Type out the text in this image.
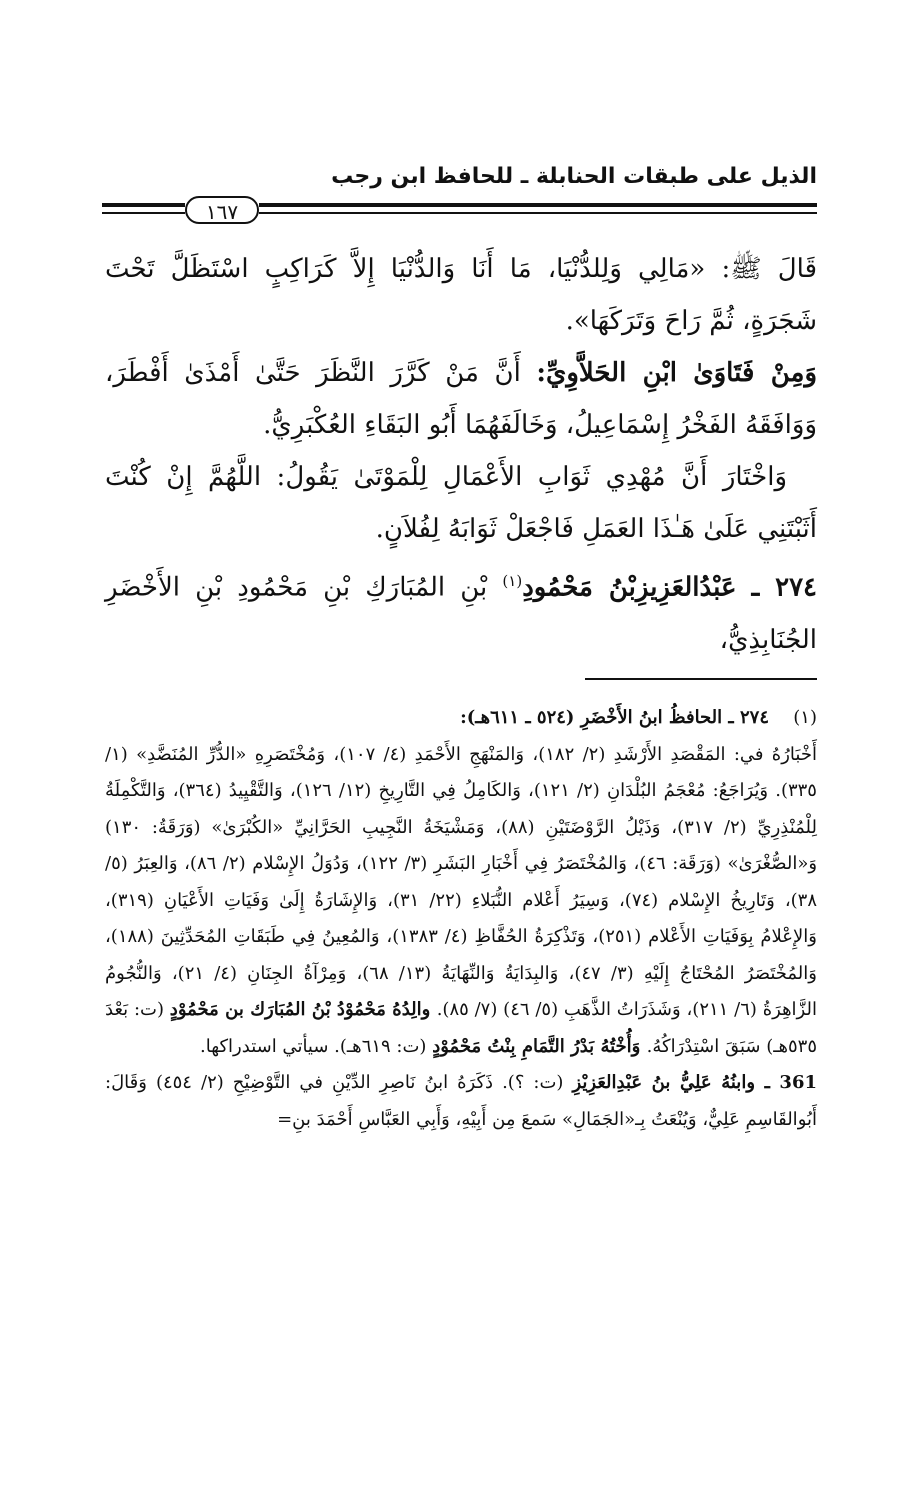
الذيل على طبقات الحنابلة ـ للحافظ ابن رجب
١٦٧

قَالَ ﷺ: «مَالِي وَلِلدُّنْيَا، مَا أَنَا وَالدُّنْيَا إِلاَّ كَرَاكِبٍ اسْتَظَلَّ تَحْتَ شَجَرَةٍ، ثُمَّ رَاحَ وَتَرَكَهَا».

وَمِنْ فَتَاوَىٰ ابْنِ الحَلاَّوِيِّ: أَنَّ مَنْ كَرَّرَ النَّظَرَ حَتَّىٰ أَمْذَىٰ أَفْطَرَ، وَوَافَقَهُ الفَخْرُ إِسْمَاعِيلُ، وَخَالَفَهُمَا أَبُو البَقَاءِ العُكْبَرِيُّ.

وَاخْتَارَ أَنَّ مُهْدِي ثَوَابِ الأَعْمَالِ لِلْمَوْتَىٰ يَقُولُ: اللَّهُمَّ إِنْ كُنْتَ أَثَبْتَنِي عَلَىٰ هَـٰذَا العَمَلِ فَاجْعَلْ ثَوَابَهُ لِفُلاَنٍ.

٢٧٤ ـ عَبْدُالعَزِيزِبْنُ مَحْمُودِ$^{(١)}$ بْنِ المُبَارَكِ بْنِ مَحْمُودِ بْنِ الأَخْضَرِ الجُنَابِذِيُّ،

(١)٢٧٤ ـ الحافظُ ابنُ الأَخْضَرِ (٥٢٤ ـ ٦١١هـ):

أَخْبَارُهُ في: المَقْصَدِ الأَرْشَدِ (٢/ ١٨٢)، وَالمَنْهَجِ الأَحْمَدِ (٤/ ١٠٧)، وَمُخْتَصَرِهِ «الدُّرِّ المُنَضَّدِ» (١/ ٣٣٥). وَيُرَاجَعُ: مُعْجَمُ البُلْدَانِ (٢/ ١٢١)، وَالكَامِلُ فِي التَّارِيخِ (١٢/ ١٢٦)، وَالتَّقْيِيدُ (٣٦٤)، وَالتَّكْمِلَةُ لِلْمُنْذِرِيِّ (٢/ ٣١٧)، وَذَيْلُ الرَّوْضَتَيْنِ (٨٨)، وَمَشْيَخَةُ النَّجِيبِ الحَرَّانِيِّ «الكُبْرَىٰ» (وَرَقَةُ: ١٣٠) وَ«الصُّغْرَىٰ» (وَرَقَة: ٤٦)، وَالمُخْتَصَرُ فِي أَخْبَارِ البَشَرِ (٣/ ١٢٢)، وَدُوَلُ الإِسْلام (٢/ ٨٦)، وَالعِبَرُ (٥/ ٣٨)، وَتَارِيخُ الإِسْلام (٧٤)، وَسِيَرُ أَعْلام النُّبَلاءِ (٢٢/ ٣١)، وَالإِشَارَةُ إِلَىٰ وَفَيَاتِ الأَعْيَانِ (٣١٩)، وَالإِعْلامُ بِوَفَيَاتِ الأَعْلام (٢٥١)، وَتَذْكِرَةُ الحُفَّاظِ (٤/ ١٣٨٣)، وَالمُعِينُ فِي طَبَقَاتِ المُحَدِّثِينَ (١٨٨)، وَالمُخْتَصَرُ المُحْتَاجُ إِلَيْهِ (٣/ ٤٧)، وَالبِدَايَةُ وَالنِّهَايَةُ (١٣/ ٦٨)، وَمِرْآةُ الجِنَانِ (٤/ ٢١)، وَالنُّجُومُ الزَّاهِرَةُ (٦/ ٢١١)، وَشَذَرَاتُ الذَّهَبِ (٥/ ٤٦) (٧/ ٨٥). والِدُهُ مَحْمُوْدُ بْنُ المُبَارَك بن مَحْمُوْدٍ (ت: بَعْدَ ٥٣٥هـ) سَبَقَ اسْتِدْرَاكُهُ. وَأُخْتُهُ بَدْرُ التَّمَامِ بِنْتُ مَحْمُوْدٍ (ت: ٦١٩هـ). سيأتي استدراكها.

361 ـ وابنُهُ عَلِيُّ بنُ عَبْدِالعَزِيْزِ (ت: ؟). ذَكَرَهُ ابنُ نَاصِرِ الدِّيْنِ في التَّوْضِيْحِ (٢/ ٤٥٤) وَقَالَ: أَبُوالقَاسِمِ عَلِيٌّ، وَيُنْعَتُ بِـ«الجَمَالِ» سَمعَ مِن أَبِيْهِ، وَأَبِي العَبَّاسِ أَحْمَدَ بنِ=
